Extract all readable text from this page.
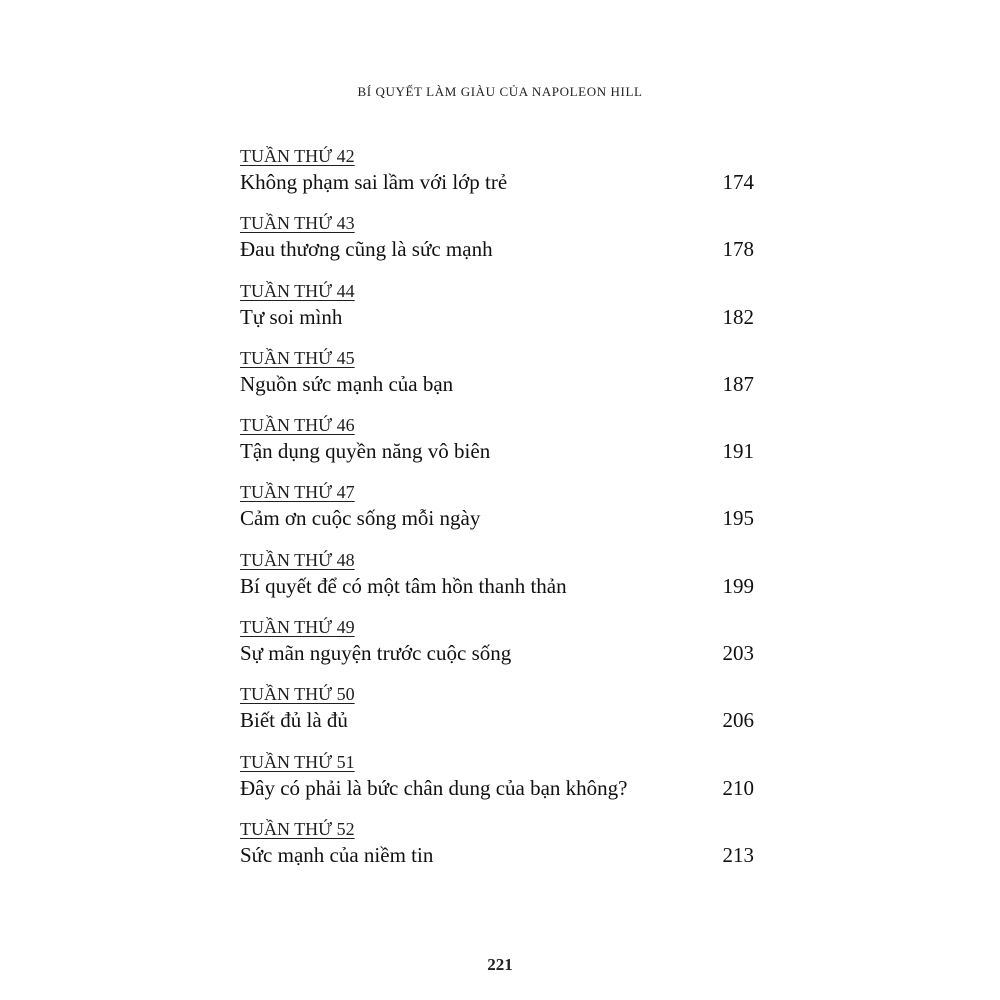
BÍ QUYẾT LÀM GIÀU CỦA NAPOLEON HILL
TUẦN THỨ 42
Không phạm sai lầm với lớp trẻ	174
TUẦN THỨ 43
Đau thương cũng là sức mạnh	178
TUẦN THỨ 44
Tự soi mình	182
TUẦN THỨ 45
Nguồn sức mạnh của bạn	187
TUẦN THỨ 46
Tận dụng quyền năng vô biên	191
TUẦN THỨ 47
Cảm ơn cuộc sống mỗi ngày	195
TUẦN THỨ 48
Bí quyết để có một tâm hồn thanh thản	199
TUẦN THỨ 49
Sự mãn nguyện trước cuộc sống	203
TUẦN THỨ 50
Biết đủ là đủ	206
TUẦN THỨ 51
Đây có phải là bức chân dung của bạn không?	210
TUẦN THỨ 52
Sức mạnh của niềm tin	213
221
